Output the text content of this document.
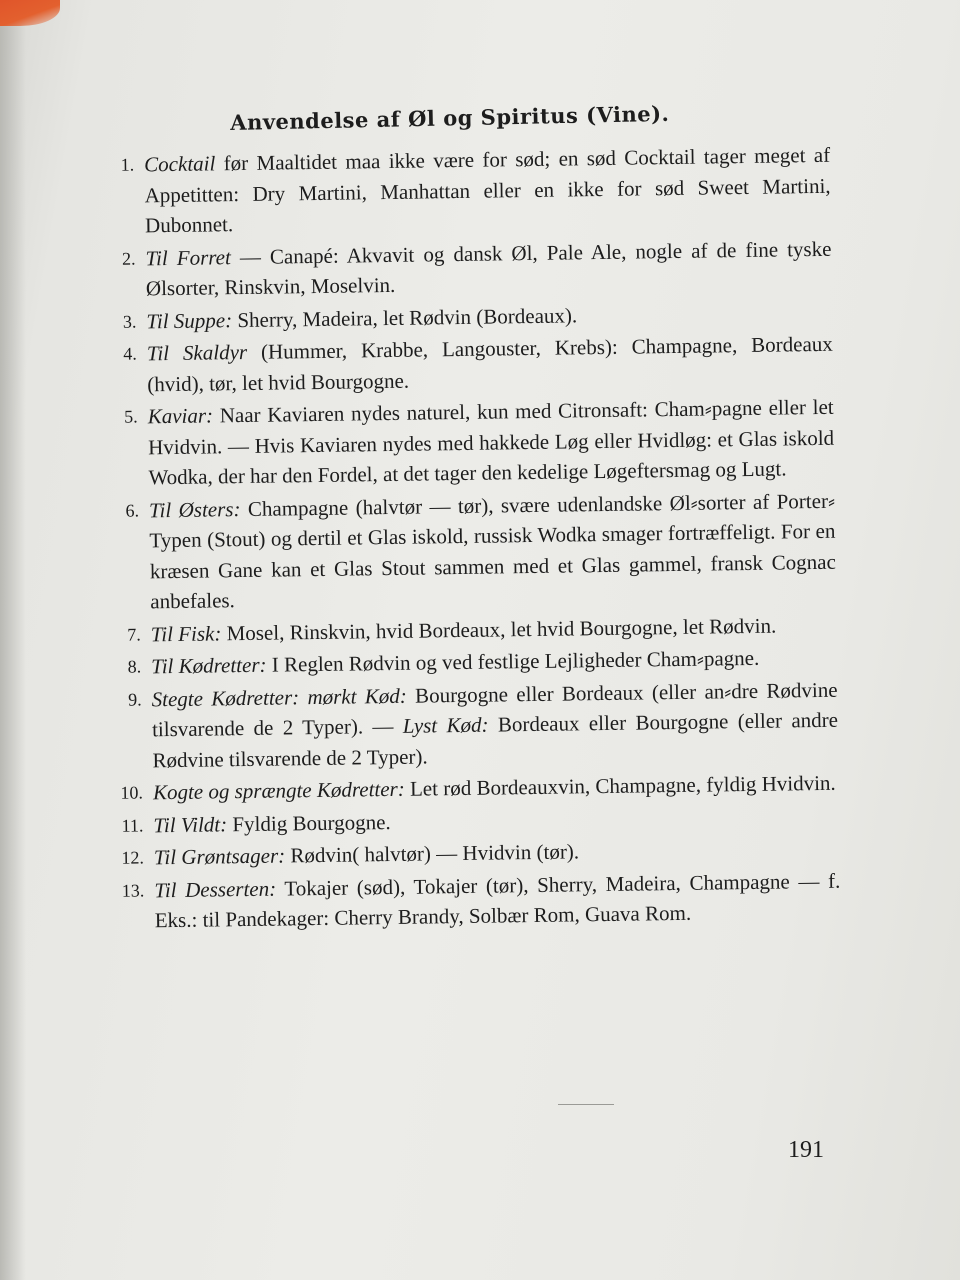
Anvendelse af Øl og Spiritus (Vine).
1. Cocktail før Maaltidet maa ikke være for sød; en sød Cocktail tager meget af Appetitten: Dry Martini, Manhattan eller en ikke for sød Sweet Martini, Dubonnet.
2. Til Forret — Canapé: Akvavit og dansk Øl, Pale Ale, nogle af de fine tyske Ølsorter, Rinskvin, Moselvin.
3. Til Suppe: Sherry, Madeira, let Rødvin (Bordeaux).
4. Til Skaldyr (Hummer, Krabbe, Langouster, Krebs): Champagne, Bordeaux (hvid), tør, let hvid Bourgogne.
5. Kaviar: Naar Kaviaren nydes naturel, kun med Citronsaft: Cham⸗pagne eller let Hvidvin. — Hvis Kaviaren nydes med hakkede Løg eller Hvidløg: et Glas iskold Wodka, der har den Fordel, at det tager den kedelige Løgeftersmag og Lugt.
6. Til Østers: Champagne (halvtør — tør), svære udenlandske Øl⸗sorter af Porter⸗Typen (Stout) og dertil et Glas iskold, russisk Wodka smager fortræffeligt. For en kræsen Gane kan et Glas Stout sammen med et Glas gammel, fransk Cognac anbefales.
7. Til Fisk: Mosel, Rinskvin, hvid Bordeaux, let hvid Bourgogne, let Rødvin.
8. Til Kødretter: I Reglen Rødvin og ved festlige Lejligheder Cham⸗pagne.
9. Stegte Kødretter: mørkt Kød: Bourgogne eller Bordeaux (eller an⸗dre Rødvine tilsvarende de 2 Typer). — Lyst Kød: Bordeaux eller Bourgogne (eller andre Rødvine tilsvarende de 2 Typer).
10. Kogte og sprængte Kødretter: Let rød Bordeauxvin, Champagne, fyldig Hvidvin.
11. Til Vildt: Fyldig Bourgogne.
12. Til Grøntsager: Rødvin( halvtør) — Hvidvin (tør).
13. Til Desserten: Tokajer (sød), Tokajer (tør), Sherry, Madeira, Champagne — f. Eks.: til Pandekager: Cherry Brandy, Solbær Rom, Guava Rom.
191
